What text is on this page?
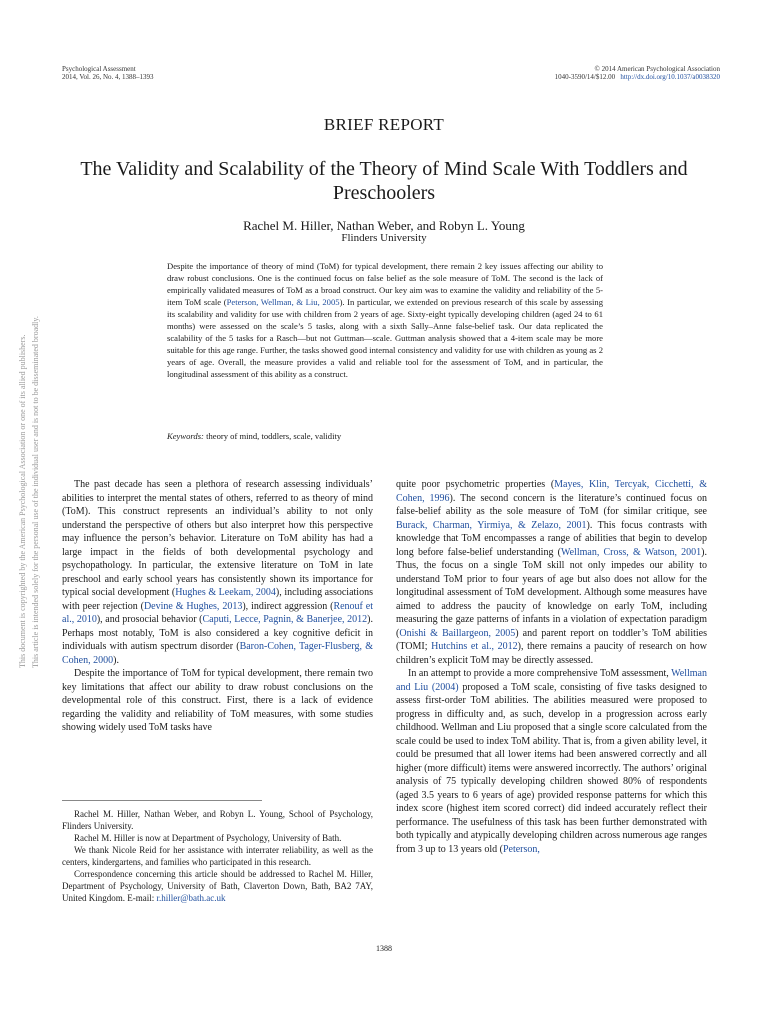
Psychological Assessment
2014, Vol. 26, No. 4, 1388–1393
© 2014 American Psychological Association
1040-3590/14/$12.00 http://dx.doi.org/10.1037/a0038320
BRIEF REPORT
The Validity and Scalability of the Theory of Mind Scale With Toddlers and Preschoolers
Rachel M. Hiller, Nathan Weber, and Robyn L. Young
Flinders University

Despite the importance of theory of mind (ToM) for typical development, there remain 2 key issues affecting our ability to draw robust conclusions. One is the continued focus on false belief as the sole measure of ToM. The second is the lack of empirically validated measures of ToM as a broad construct. Our key aim was to examine the validity and reliability of the 5-item ToM scale (Peterson, Wellman, & Liu, 2005). In particular, we extended on previous research of this scale by assessing its scalability and validity for use with children from 2 years of age. Sixty-eight typically developing children (aged 24 to 61 months) were assessed on the scale’s 5 tasks, along with a sixth Sally–Anne false-belief task. Our data replicated the scalability of the 5 tasks for a Rasch—but not Guttman—scale. Guttman analysis showed that a 4-item scale may be more suitable for this age range. Further, the tasks showed good internal consistency and validity for use with children as young as 2 years of age. Overall, the measure provides a valid and reliable tool for the assessment of ToM, and in particular, the longitudinal assessment of this ability as a construct.

Keywords: theory of mind, toddlers, scale, validity

The past decade has seen a plethora of research assessing individuals’ abilities to interpret the mental states of others, referred to as theory of mind (ToM). This construct represents an individual’s ability to not only understand the perspective of others but also interpret how this perspective may influence the person’s behavior. Literature on ToM ability has had a large impact in the fields of both developmental psychology and psychopathology. In particular, the extensive literature on ToM in late preschool and early school years has consistently shown its importance for typical social development (Hughes & Leekam, 2004), including associations with peer rejection (Devine & Hughes, 2013), indirect aggression (Renouf et al., 2010), and prosocial behavior (Caputi, Lecce, Pagnin, & Banerjee, 2012). Perhaps most notably, ToM is also considered a key cognitive deficit in individuals with autism spectrum disorder (Baron-Cohen, Tager-Flusberg, & Cohen, 2000).

Despite the importance of ToM for typical development, there remain two key limitations that affect our ability to draw robust conclusions on the developmental role of this construct. First, there is a lack of evidence regarding the validity and reliability of ToM measures, with some studies showing widely used ToM tasks have

quite poor psychometric properties (Mayes, Klin, Tercyak, Cicchetti, & Cohen, 1996). The second concern is the literature’s continued focus on false-belief ability as the sole measure of ToM (for similar critique, see Burack, Charman, Yirmiya, & Zelazo, 2001). This focus contrasts with knowledge that ToM encompasses a range of abilities that begin to develop long before false-belief understanding (Wellman, Cross, & Watson, 2001). Thus, the focus on a single ToM skill not only impedes our ability to understand ToM prior to four years of age but also does not allow for the longitudinal assessment of ToM development. Although some measures have aimed to address the paucity of knowledge on early ToM, including measuring the gaze patterns of infants in a violation of expectation paradigm (Onishi & Baillargeon, 2005) and parent report on toddler’s ToM abilities (TOMI; Hutchins et al., 2012), there remains a paucity of research on how children’s explicit ToM may be directly assessed.

In an attempt to provide a more comprehensive ToM assessment, Wellman and Liu (2004) proposed a ToM scale, consisting of five tasks designed to assess first-order ToM abilities. The abilities measured were proposed to progress in difficulty and, as such, develop in a progression across early childhood. Wellman and Liu proposed that a single score calculated from the scale could be used to index ToM ability. That is, from a given ability level, it could be presumed that all lower items had been answered correctly and all higher (more difficult) items were answered incorrectly. The authors’ original analysis of 75 typically developing children showed 80% of respondents (aged 3.5 years to 6 years of age) provided response patterns for which this index score (highest item scored correct) did indeed accurately reflect their performance. The usefulness of this task has been further demonstrated with both typically and atypically developing children across numerous age ranges from 3 up to 13 years old (Peterson,

Rachel M. Hiller, Nathan Weber, and Robyn L. Young, School of Psychology, Flinders University.

Rachel M. Hiller is now at Department of Psychology, University of Bath.

We thank Nicole Reid for her assistance with interrater reliability, as well as the centers, kindergartens, and families who participated in this research.

Correspondence concerning this article should be addressed to Rachel M. Hiller, Department of Psychology, University of Bath, Claverton Down, Bath, BA2 7AY, United Kingdom. E-mail: r.hiller@bath.ac.uk

1388
This document is copyrighted by the American Psychological Association or one of its allied publishers. This article is intended solely for the personal use of the individual user and is not to be disseminated broadly.
